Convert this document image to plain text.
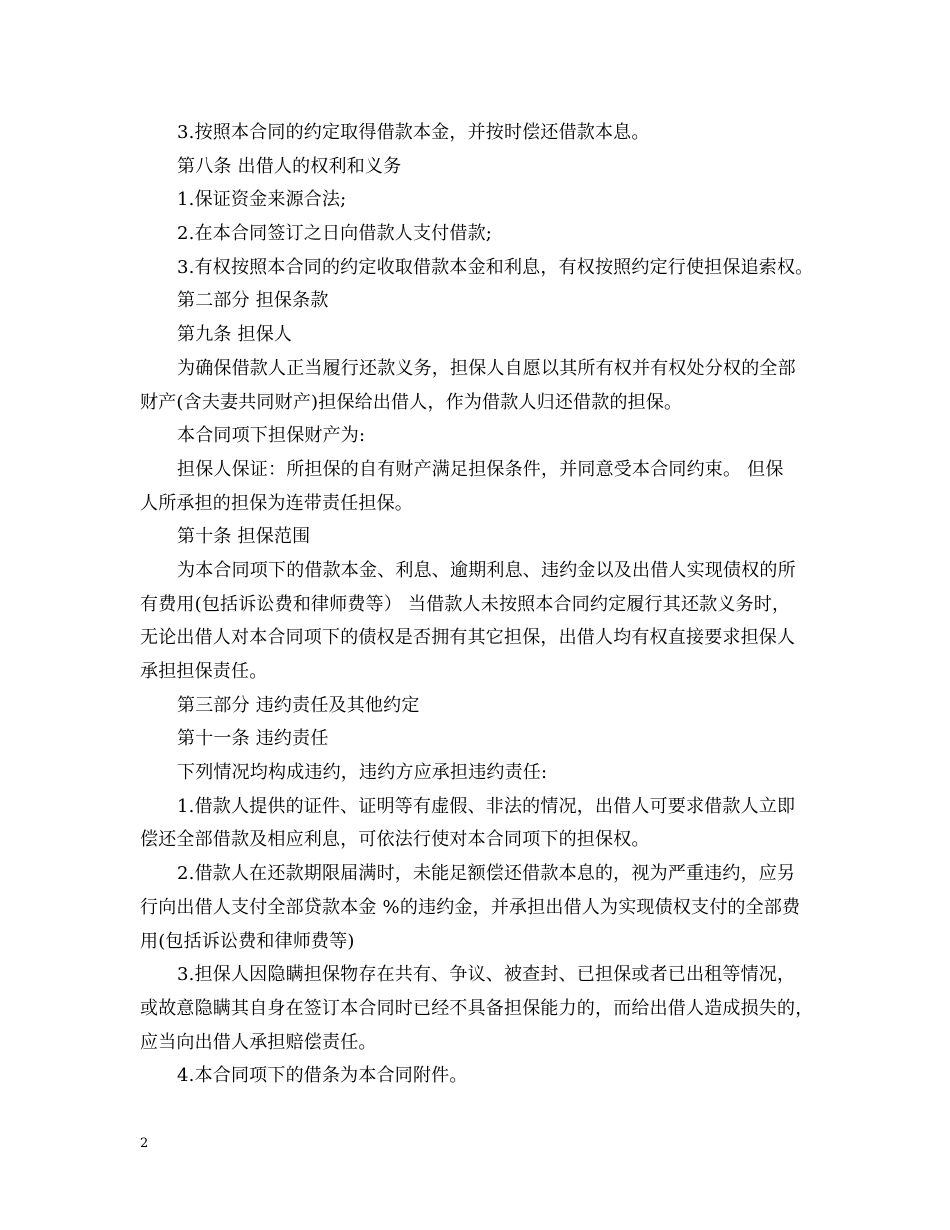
3.按照本合同的约定取得借款本金，并按时偿还借款本息。
第八条 出借人的权利和义务
1.保证资金来源合法;
2.在本合同签订之日向借款人支付借款;
3.有权按照本合同的约定收取借款本金和利息，有权按照约定行使担保追索权。
第二部分 担保条款
第九条 担保人
为确保借款人正当履行还款义务，担保人自愿以其所有权并有权处分权的全部
财产(含夫妻共同财产)担保给出借人，作为借款人归还借款的担保。
本合同项下担保财产为:
担保人保证：所担保的自有财产满足担保条件，并同意受本合同约束。 但保
人所承担的担保为连带责任担保。
第十条 担保范围
为本合同项下的借款本金、利息、逾期利息、违约金以及出借人实现债权的所
有费用(包括诉讼费和律师费等） 当借款人未按照本合同约定履行其还款义务时，
无论出借人对本合同项下的债权是否拥有其它担保，出借人均有权直接要求担保人
承担担保责任。
第三部分 违约责任及其他约定
第十一条 违约责任
下列情况均构成违约，违约方应承担违约责任:
1.借款人提供的证件、证明等有虚假、非法的情况，出借人可要求借款人立即
偿还全部借款及相应利息，可依法行使对本合同项下的担保权。
2.借款人在还款期限届满时，未能足额偿还借款本息的，视为严重违约，应另
行向出借人支付全部贷款本金 %的违约金，并承担出借人为实现债权支付的全部费
用(包括诉讼费和律师费等)
3.担保人因隐瞒担保物存在共有、争议、被查封、已担保或者已出租等情况，
或故意隐瞒其自身在签订本合同时已经不具备担保能力的，而给出借人造成损失的，
应当向出借人承担赔偿责任。
4.本合同项下的借条为本合同附件。
2
